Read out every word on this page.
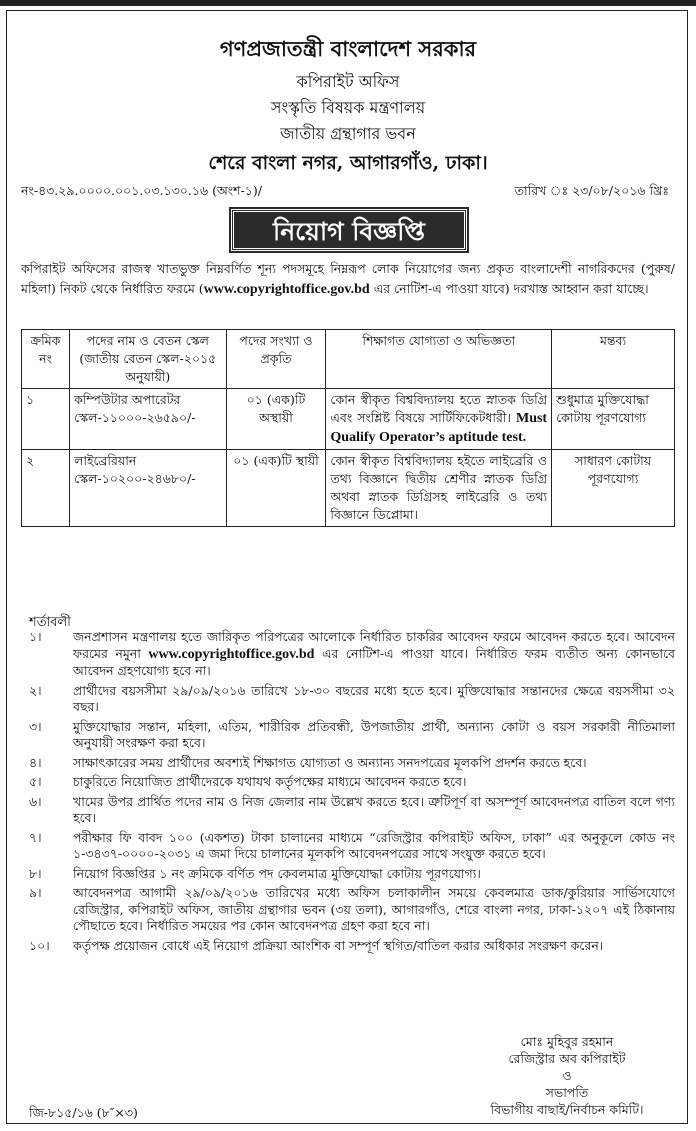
গণপ্রজাতন্ত্রী বাংলাদেশ সরকার
কপিরাইট অফিস
সংস্কৃতি বিষয়ক মন্ত্রণালয়
জাতীয় গ্রন্থাগার ভবন
শেরে বাংলা নগর, আগারগাঁও, ঢাকা।
নং-৪৩.২৯.০০০০.০০১.০৩.১৩০.১৬ (অংশ-১)/	তারিখ ঃ ২৩/০৮/২০১৬ খ্রিঃ
নিয়োগ বিজ্ঞপ্তি
কপিরাইট অফিসের রাজস্ব খাতভুক্ত নিম্নবর্ণিত শূন্য পদসমূহে নিম্নরূপ লোক নিয়োগের জন্য প্রকৃত বাংলাদেশী নাগরিকদের (পুরুষ/মহিলা) নিকট থেকে নির্ধারিত ফরমে (www.copyrightoffice.gov.bd এর নোটিশ-এ পাওয়া যাবে) দরখাস্ত আহ্বান করা যাচ্ছে।
ক্রমিক নং	পদের নাম ও বেতন স্কেল (জাতীয় বেতন স্কেল-২০১৫ অনুযায়ী)	পদের সংখ্যা ও প্রকৃতি	শিক্ষাগত যোগ্যতা ও অভিজ্ঞতা	মন্তব্য
১	কম্পিউটার অপারেটর স্কেল-১১০০০-২৬৫৯০/-	০১ (এক)টি অস্থায়ী	কোন স্বীকৃত বিশ্ববিদ্যালয় হতে স্নাতক ডিগ্রি এবং সংশ্লিষ্ট বিষয়ে সার্টিফিকেটধারী। Must Qualify Operator’s aptitude test.	শুধুমাত্র মুক্তিযোদ্ধা কোটায় পূরণযোগ্য
২	লাইব্রেরিয়ান স্কেল-১০২০০-২৪৬৮০/-	০১ (এক)টি স্থায়ী	কোন স্বীকৃত বিশ্ববিদ্যালয় হইতে লাইব্রেরি ও তথ্য বিজ্ঞানে দ্বিতীয় শ্রেণীর স্নাতক ডিগ্রি অথবা স্নাতক ডিগ্রিসহ লাইব্রেরি ও তথ্য বিজ্ঞানে ডিপ্লোমা।	সাধারণ কোটায় পূরণযোগ্য
শর্তাবলী
১।	জনপ্রশাসন মন্ত্রণালয় হতে জারিকৃত পরিপত্রের আলোকে নির্ধারিত চাকরির আবেদন ফরমে আবেদন করতে হবে। আবেদন ফরমের নমুনা www.copyrightoffice.gov.bd এর নোটিশ-এ পাওয়া যাবে। নির্ধারিত ফরম ব্যতীত অন্য কোনভাবে আবেদন গ্রহণযোগ্য হবে না।
২।	প্রার্থীদের বয়সসীমা ২৯/০৯/২০১৬ তারিখে ১৮-৩০ বছরের মধ্যে হতে হবে। মুক্তিযোদ্ধার সন্তানদের ক্ষেত্রে বয়সসীমা ৩২ বছর।
৩।	মুক্তিযোদ্ধার সন্তান, মহিলা, এতিম, শারীরিক প্রতিবন্ধী, উপজাতীয় প্রার্থী, অন্যান্য কোটা ও বয়স সরকারী নীতিমালা অনুযায়ী সংরক্ষণ করা হবে।
৪।	সাক্ষাৎকারের সময় প্রার্থীদের অবশ্যই শিক্ষাগত যোগ্যতা ও অন্যান্য সনদপত্রের মূলকপি প্রদর্শন করতে হবে।
৫।	চাকুরিতে নিয়োজিত প্রার্থীদেরকে যথাযথ কর্তৃপক্ষের মাধ্যমে আবেদন করতে হবে।
৬।	খামের উপর প্রার্থিত পদের নাম ও নিজ জেলার নাম উল্লেখ করতে হবে। ত্রুটিপূর্ণ বা অসম্পূর্ণ আবেদনপত্র বাতিল বলে গণ্য হবে।
৭।	পরীক্ষার ফি বাবদ ১০০ (একশত) টাকা চালানের মাধ্যমে “রেজিস্ট্রার কপিরাইট অফিস, ঢাকা” এর অনুকূলে কোড নং ১-৩৪৩৭-০০০০-২০৩১ এ জমা দিয়ে চালানের মূলকপি আবেদনপত্রের সাথে সংযুক্ত করতে হবে।
৮।	নিয়োগ বিজ্ঞপ্তির ১ নং ক্রমিকে বর্ণিত পদ কেবলমাত্র মুক্তিযোদ্ধা কোটায় পূরণযোগ্য।
৯।	আবেদনপত্র আগামী ২৯/০৯/২০১৬ তারিখের মধ্যে অফিস চলাকালীন সময়ে কেবলমাত্র ডাক/কুরিয়ার সার্ভিসযোগে রেজিস্ট্রার, কপিরাইট অফিস, জাতীয় গ্রন্থাগার ভবন (৩য় তলা), আগারগাঁও, শেরে বাংলা নগর, ঢাকা-১২০৭ এই ঠিকানায় পৌছাতে হবে। নির্ধারিত সময়ের পর কোন আবেদনপত্র গ্রহণ করা হবে না।
১০।	কর্তৃপক্ষ প্রয়োজন বোধে এই নিয়োগ প্রক্রিয়া আংশিক বা সম্পূর্ণ স্থগিত/বাতিল করার অধিকার সংরক্ষণ করেন।
মোঃ মুহিবুর রহমান
রেজিস্ট্রার অব কপিরাইট
ও
সভাপতি
বিভাগীয় বাছাই/নির্বাচন কমিটি।
জি-৮১৫/১৬ (৮″×৩)
